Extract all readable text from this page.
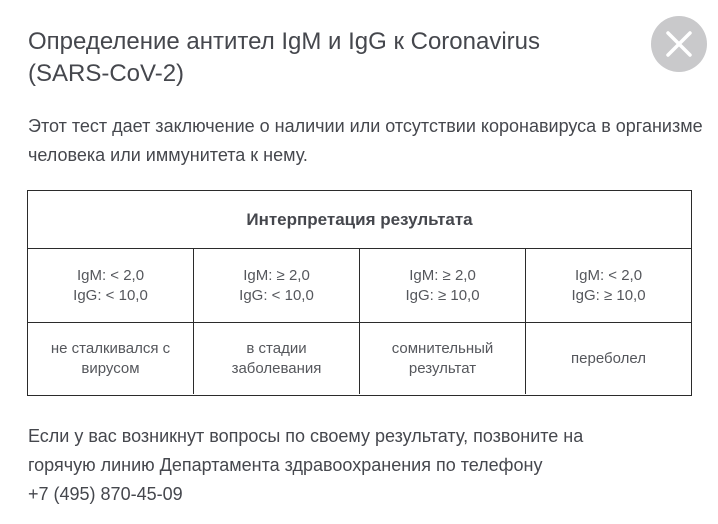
Определение антител IgM и IgG к Coronavirus (SARS-CoV-2)

Этот тест дает заключение о наличии или отсутствии коронавируса в организме человека или иммунитета к нему.

Интерпретация результата
IgM: < 2,0
IgG: < 10,0
IgM: ≥ 2,0
IgG: < 10,0
IgM: ≥ 2,0
IgG: ≥ 10,0
IgM: < 2,0
IgG: ≥ 10,0
не сталкивался с вирусом
в стадии заболевания
сомнительный результат
переболел

Если у вас возникнут вопросы по своему результату, позвоните на
горячую линию Департамента здравоохранения по телефону
+7 (495) 870-45-09
